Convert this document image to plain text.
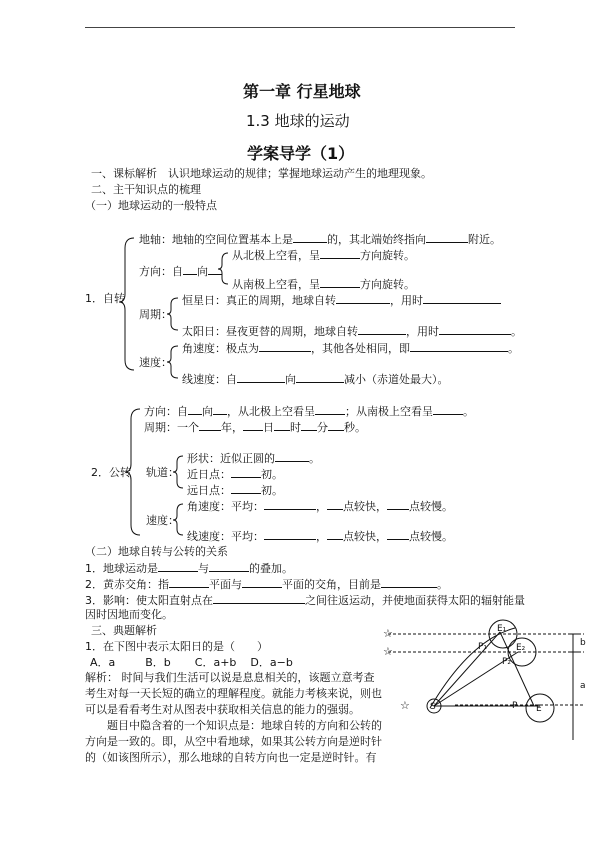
第一章 行星地球
1.3 地球的运动
学案导学（1）
一、课标解析　认识地球运动的规律；掌握地球运动产生的地理现象。
二、主干知识点的梳理
（一）地球运动的一般特点
1．自转
地轴：地轴的空间位置基本上是	的，其北端始终指向	附近。
方向：自 向
从北极上空看，呈	方向旋转。
从南极上空看，呈	方向旋转。
周期：
恒星日：真正的周期，地球自转	，用时
太阳日：昼夜更替的周期，地球自转	，用时	。
速度：
角速度：极点为	，其他各处相同，即	。
线速度：自	向	减小（赤道处最大）。
2．公转
方向：自 向 ，从北极上空看呈	；从南极上空看呈	。
周期：一个 年， 日 时 分 秒。
轨道：
形状：近似正圆的	。
近日点：	初。
远日点：	初。
速度：
角速度：平均：	， 点较快， 点较慢。
线速度：平均：	， 点较快， 点较慢。
（二）地球自转与公转的关系
1．地球运动是	与	的叠加。
2．黄赤交角：指	平面与	平面的交角，目前是	。
3．影响：使太阳直射点在	之间往返运动，并使地面获得太阳的辐射能量
因时因地而变化。
三、典题解析
1．在下图中表示太阳日的是（　　）
A．a	B．b C．a+b D．a−b
解析： 时间与我们生活可以说是息息相关的，该题立意考查
考生对每一天长短的确立的理解程度。就能力考核来说，则也
可以是看看考生对从图表中获取相关信息的能力的强弱。
　　题目中隐含着的一个知识点是：地球自转的方向和公转的
方向是一致的。即，从空中看地球，如果其公转方向是逆时针
的（如该图所示），那么地球的自转方向也一定是逆时针。有
☆
☆
☆ S
E₁
E₂
E
P₁
P₂
P
b
a
